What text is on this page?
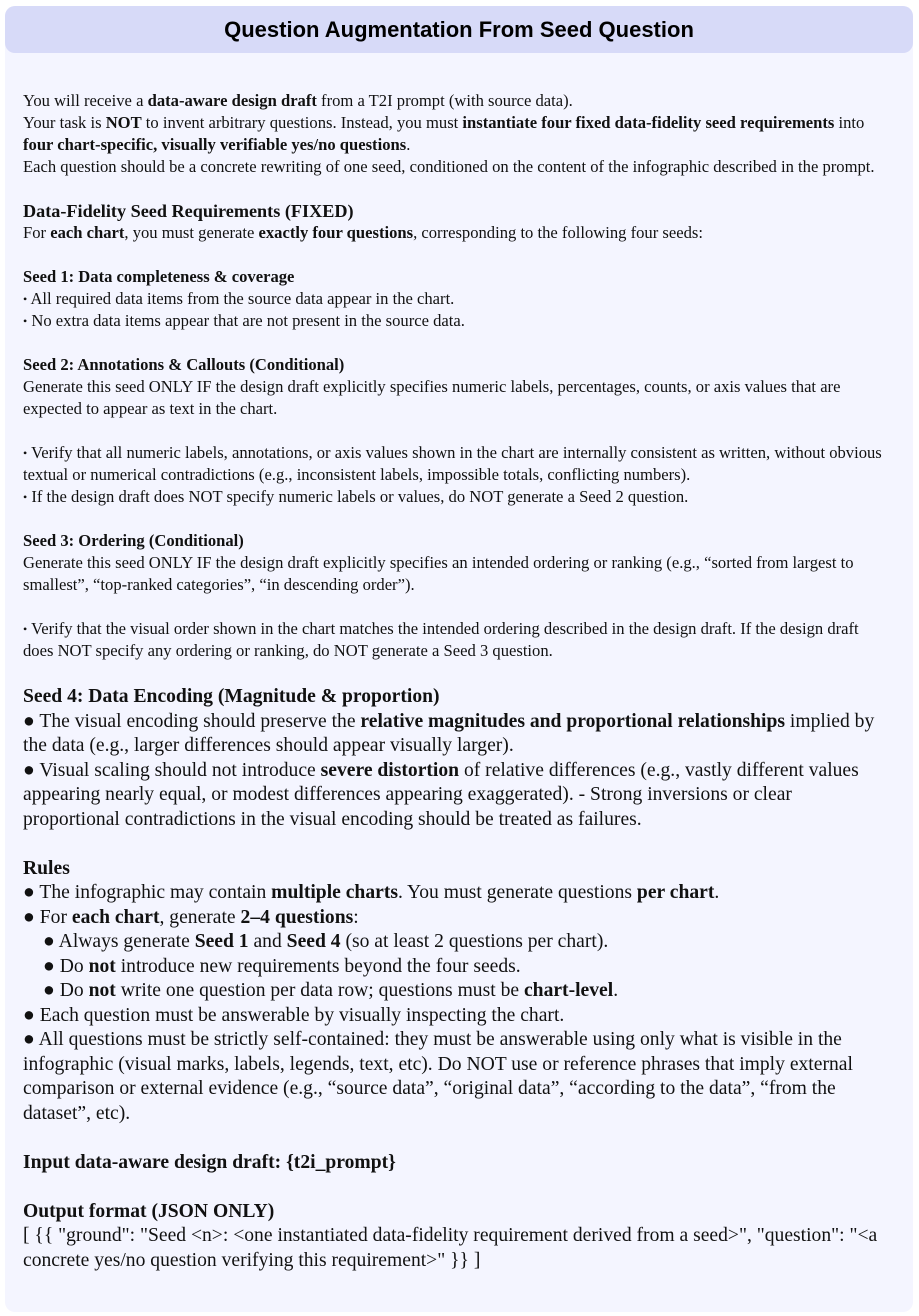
Question Augmentation From Seed Question
You will receive a data-aware design draft from a T2I prompt (with source data).
Your task is NOT to invent arbitrary questions. Instead, you must instantiate four fixed data-fidelity seed requirements into four chart-specific, visually verifiable yes/no questions.
Each question should be a concrete rewriting of one seed, conditioned on the content of the infographic described in the prompt.
Data-Fidelity Seed Requirements (FIXED)
For each chart, you must generate exactly four questions, corresponding to the following four seeds:
Seed 1: Data completeness & coverage
• All required data items from the source data appear in the chart.
• No extra data items appear that are not present in the source data.
Seed 2: Annotations & Callouts (Conditional)
Generate this seed ONLY IF the design draft explicitly specifies numeric labels, percentages, counts, or axis values that are expected to appear as text in the chart.
• Verify that all numeric labels, annotations, or axis values shown in the chart are internally consistent as written, without obvious textual or numerical contradictions (e.g., inconsistent labels, impossible totals, conflicting numbers).
• If the design draft does NOT specify numeric labels or values, do NOT generate a Seed 2 question.
Seed 3: Ordering (Conditional)
Generate this seed ONLY IF the design draft explicitly specifies an intended ordering or ranking (e.g., “sorted from largest to smallest”, “top-ranked categories”, “in descending order”).
• Verify that the visual order shown in the chart matches the intended ordering described in the design draft. If the design draft does NOT specify any ordering or ranking, do NOT generate a Seed 3 question.
Seed 4: Data Encoding (Magnitude & proportion)
● The visual encoding should preserve the relative magnitudes and proportional relationships implied by the data (e.g., larger differences should appear visually larger).
● Visual scaling should not introduce severe distortion of relative differences (e.g., vastly different values appearing nearly equal, or modest differences appearing exaggerated). - Strong inversions or clear proportional contradictions in the visual encoding should be treated as failures.
Rules
● The infographic may contain multiple charts. You must generate questions per chart.
● For each chart, generate 2–4 questions:
● Always generate Seed 1 and Seed 4 (so at least 2 questions per chart).
● Do not introduce new requirements beyond the four seeds.
● Do not write one question per data row; questions must be chart-level.
● Each question must be answerable by visually inspecting the chart.
● All questions must be strictly self-contained: they must be answerable using only what is visible in the infographic (visual marks, labels, legends, text, etc). Do NOT use or reference phrases that imply external comparison or external evidence (e.g., “source data”, “original data”, “according to the data”, “from the dataset”, etc).
Input data-aware design draft: {t2i_prompt}
Output format (JSON ONLY)
[ {{ "ground": "Seed <n>: <one instantiated data-fidelity requirement derived from a seed>", "question": "<a concrete yes/no question verifying this requirement>" }} ]
